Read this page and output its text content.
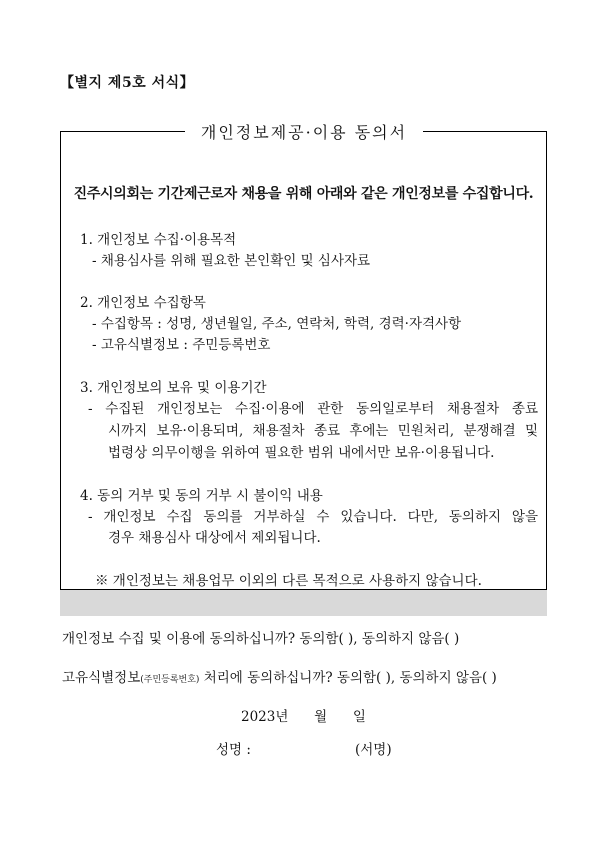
【별지 제5호 서식】
개인정보제공·이용 동의서
진주시의회는 기간제근로자 채용을 위해 아래와 같은 개인정보를 수집합니다.
1. 개인정보 수집·이용목적
- 채용심사를 위해 필요한 본인확인 및 심사자료
2. 개인정보 수집항목
- 수집항목 : 성명, 생년월일, 주소, 연락처, 학력, 경력·자격사항
- 고유식별정보 : 주민등록번호
3. 개인정보의 보유 및 이용기간
- 수집된 개인정보는 수집·이용에 관한 동의일로부터 채용절차 종료
시까지 보유·이용되며, 채용절차 종료 후에는 민원처리, 분쟁해결 및
법령상 의무이행을 위하여 필요한 범위 내에서만 보유·이용됩니다.
4. 동의 거부 및 동의 거부 시 불이익 내용
- 개인정보 수집 동의를 거부하실 수 있습니다. 다만, 동의하지 않을
경우 채용심사 대상에서 제외됩니다.
※ 개인정보는 채용업무 이외의 다른 목적으로 사용하지 않습니다.
개인정보 수집 및 이용에 동의하십니까? 동의함( ), 동의하지 않음( )
고유식별정보(주민등록번호) 처리에 동의하십니까? 동의함( ), 동의하지 않음( )
2023년      월      일
성명 :	(서명)
